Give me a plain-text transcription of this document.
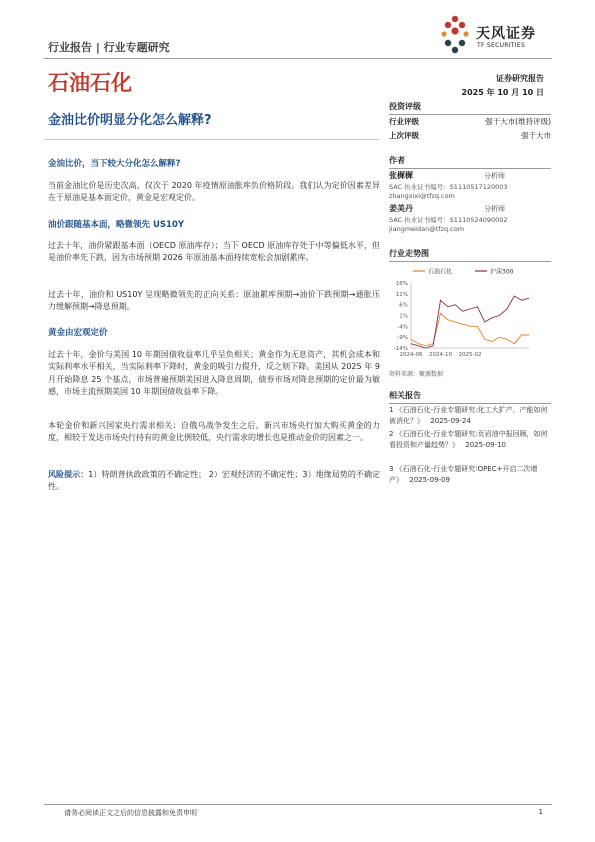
行业报告 | 行业专题研究
天风证券
TF SECURITIES
石油石化	证券研究报告
2025 年 10 月 10 日
金油比价明显分化怎么解释?
金油比价，当下较大分化怎么解释?
当前金油比价是历史次高，仅次于 2020 年疫情原油胀库负价格阶段。我们认为定价因素差异在于原油是基本面定价，黄金是宏观定价。
油价跟随基本面，略微领先 US10Y
过去十年，油价紧跟基本面（OECD 原油库存）；当下 OECD 原油库存处于中等偏低水平，但是油价率先下跌，因为市场预期 2026 年原油基本面持续宽松会加剧累库。
过去十年，油价和 US10Y 呈现略微领先的正向关系：原油累库预期→油价下跌预期→通胀压力缓解预期→降息预期。
黄金由宏观定价
过去十年，金价与美国 10 年期国债收益率几乎呈负相关；黄金作为无息资产，其机会成本和实际利率水平相关，当实际利率下降时，黄金的吸引力提升，反之则下降。美国从 2025 年 9 月开始降息 25 个基点，市场普遍预期美国进入降息周期，债券市场对降息预期的定价最为敏感，市场主流预期美国 10 年期国债收益率下降。
本轮金价和新兴国家央行需求相关：自俄乌战争发生之后，新兴市场央行加大购买黄金的力度，相较于发达市场央行持有的黄金比例较低，央行需求的增长也是推动金价的因素之一。
风险提示：1）特朗普执政政策的不确定性； 2）宏观经济的不确定性；3）地缘局势的不确定性。
投资评级
行业评级	强于大市(维持评级)
上次评级	强于大市
作者
张樨樨	分析师
SAC 执业证书编号：S1110517120003
zhangxixi@tfzq.com
姜美丹	分析师
SAC 执业证书编号：S1110524090002
jiangmeidan@tfzq.com
行业走势图
石油石化	沪深300
16%
11%
6%
1%
-4%
-9%
-14%
2024-06 2024-10 2025-02
资料来源：聚源数据
相关报告
1 《石油石化-行业专题研究:化工大扩产，产能如何被消化？》 2025-09-24
2 《石油石化-行业专题研究:页岩油中报回顾，如何看投资和产量趋势？》 2025-09-10
3 《石油石化-行业专题研究:OPEC+开启二次增产》 2025-09-09
请务必阅读正文之后的信息披露和免责申明	1
